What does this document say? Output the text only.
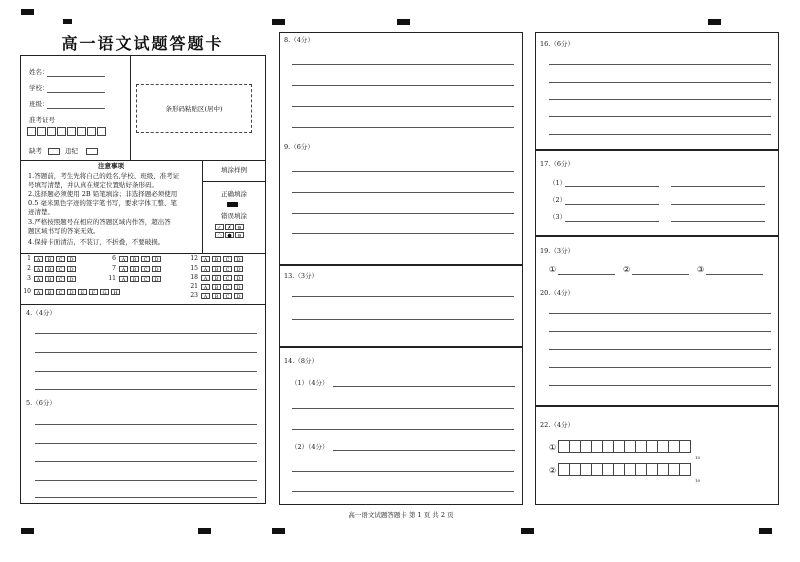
高一语文试题答题卡
姓名：
学校：
班级：
准考证号
缺考	违纪
条形码粘贴区(居中)
注意事项
1.答题前，考生先将自己的姓名,学校、班级、准考证
号填写清楚，并认真在规定位置贴好条形码。
2.选择题必须使用 2B 铅笔填涂；非选择题必须使用
0.5 毫米黑色字迹的签字笔书写，要求字体工整、笔
迹清楚。
3.严格按照题号在相应的答题区域内作答，超出答
题区域书写的答案无效。
4.保持卡面清洁，不装订，不折叠，不要破损。
填涂样例
正确填涂
错误填涂
✓ ✗ ⊖
◌ ● ⊖
1 A B C D
2 A B C D
3 A B C D
10 A B C D E F G H
6 A B C D
7 A B C D
11 A B C D
12 A B C D
15 A B C D
18 A B C D
21 A B C D
23 A B C D
4.（4分）
5.（6分）
8.（4分）
9.（6分）
13.（3分）
14.（8分）
（1）（4分）
（2）（4分）
高一语文试题答题卡 第 1 页 共 2 页
16.（6分）
17.（6分）
（1）
（2）
（3）
19.（3分）
①	②	③
20.（4分）
22.（4分）
①
10
②
10
